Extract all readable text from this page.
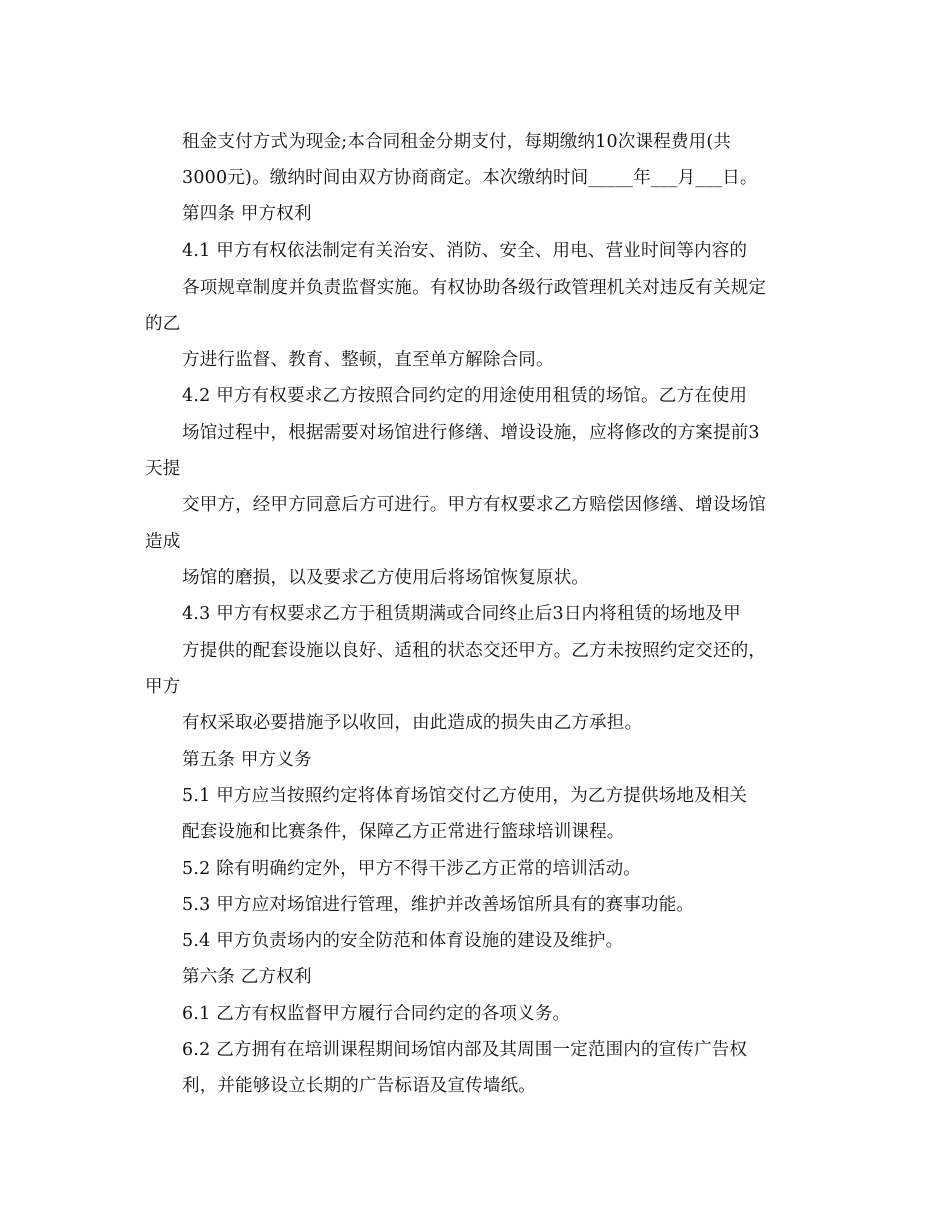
租金支付方式为现金;本合同租金分期支付，每期缴纳10次课程费用(共
3000元)。缴纳时间由双方协商商定。本次缴纳时间_____年___月___日。
第四条 甲方权利
4.1 甲方有权依法制定有关治安、消防、安全、用电、营业时间等内容的
各项规章制度并负责监督实施。有权协助各级行政管理机关对违反有关规定
的乙
方进行监督、教育、整顿，直至单方解除合同。
4.2 甲方有权要求乙方按照合同约定的用途使用租赁的场馆。乙方在使用
场馆过程中，根据需要对场馆进行修缮、增设设施，应将修改的方案提前3
天提
交甲方，经甲方同意后方可进行。甲方有权要求乙方赔偿因修缮、增设场馆
造成
场馆的磨损，以及要求乙方使用后将场馆恢复原状。
4.3 甲方有权要求乙方于租赁期满或合同终止后3日内将租赁的场地及甲
方提供的配套设施以良好、适租的状态交还甲方。乙方未按照约定交还的，
甲方
有权采取必要措施予以收回，由此造成的损失由乙方承担。
第五条 甲方义务
5.1 甲方应当按照约定将体育场馆交付乙方使用，为乙方提供场地及相关
配套设施和比赛条件，保障乙方正常进行篮球培训课程。
5.2 除有明确约定外，甲方不得干涉乙方正常的培训活动。
5.3 甲方应对场馆进行管理，维护并改善场馆所具有的赛事功能。
5.4 甲方负责场内的安全防范和体育设施的建设及维护。
第六条 乙方权利
6.1 乙方有权监督甲方履行合同约定的各项义务。
6.2 乙方拥有在培训课程期间场馆内部及其周围一定范围内的宣传广告权
利，并能够设立长期的广告标语及宣传墙纸。
